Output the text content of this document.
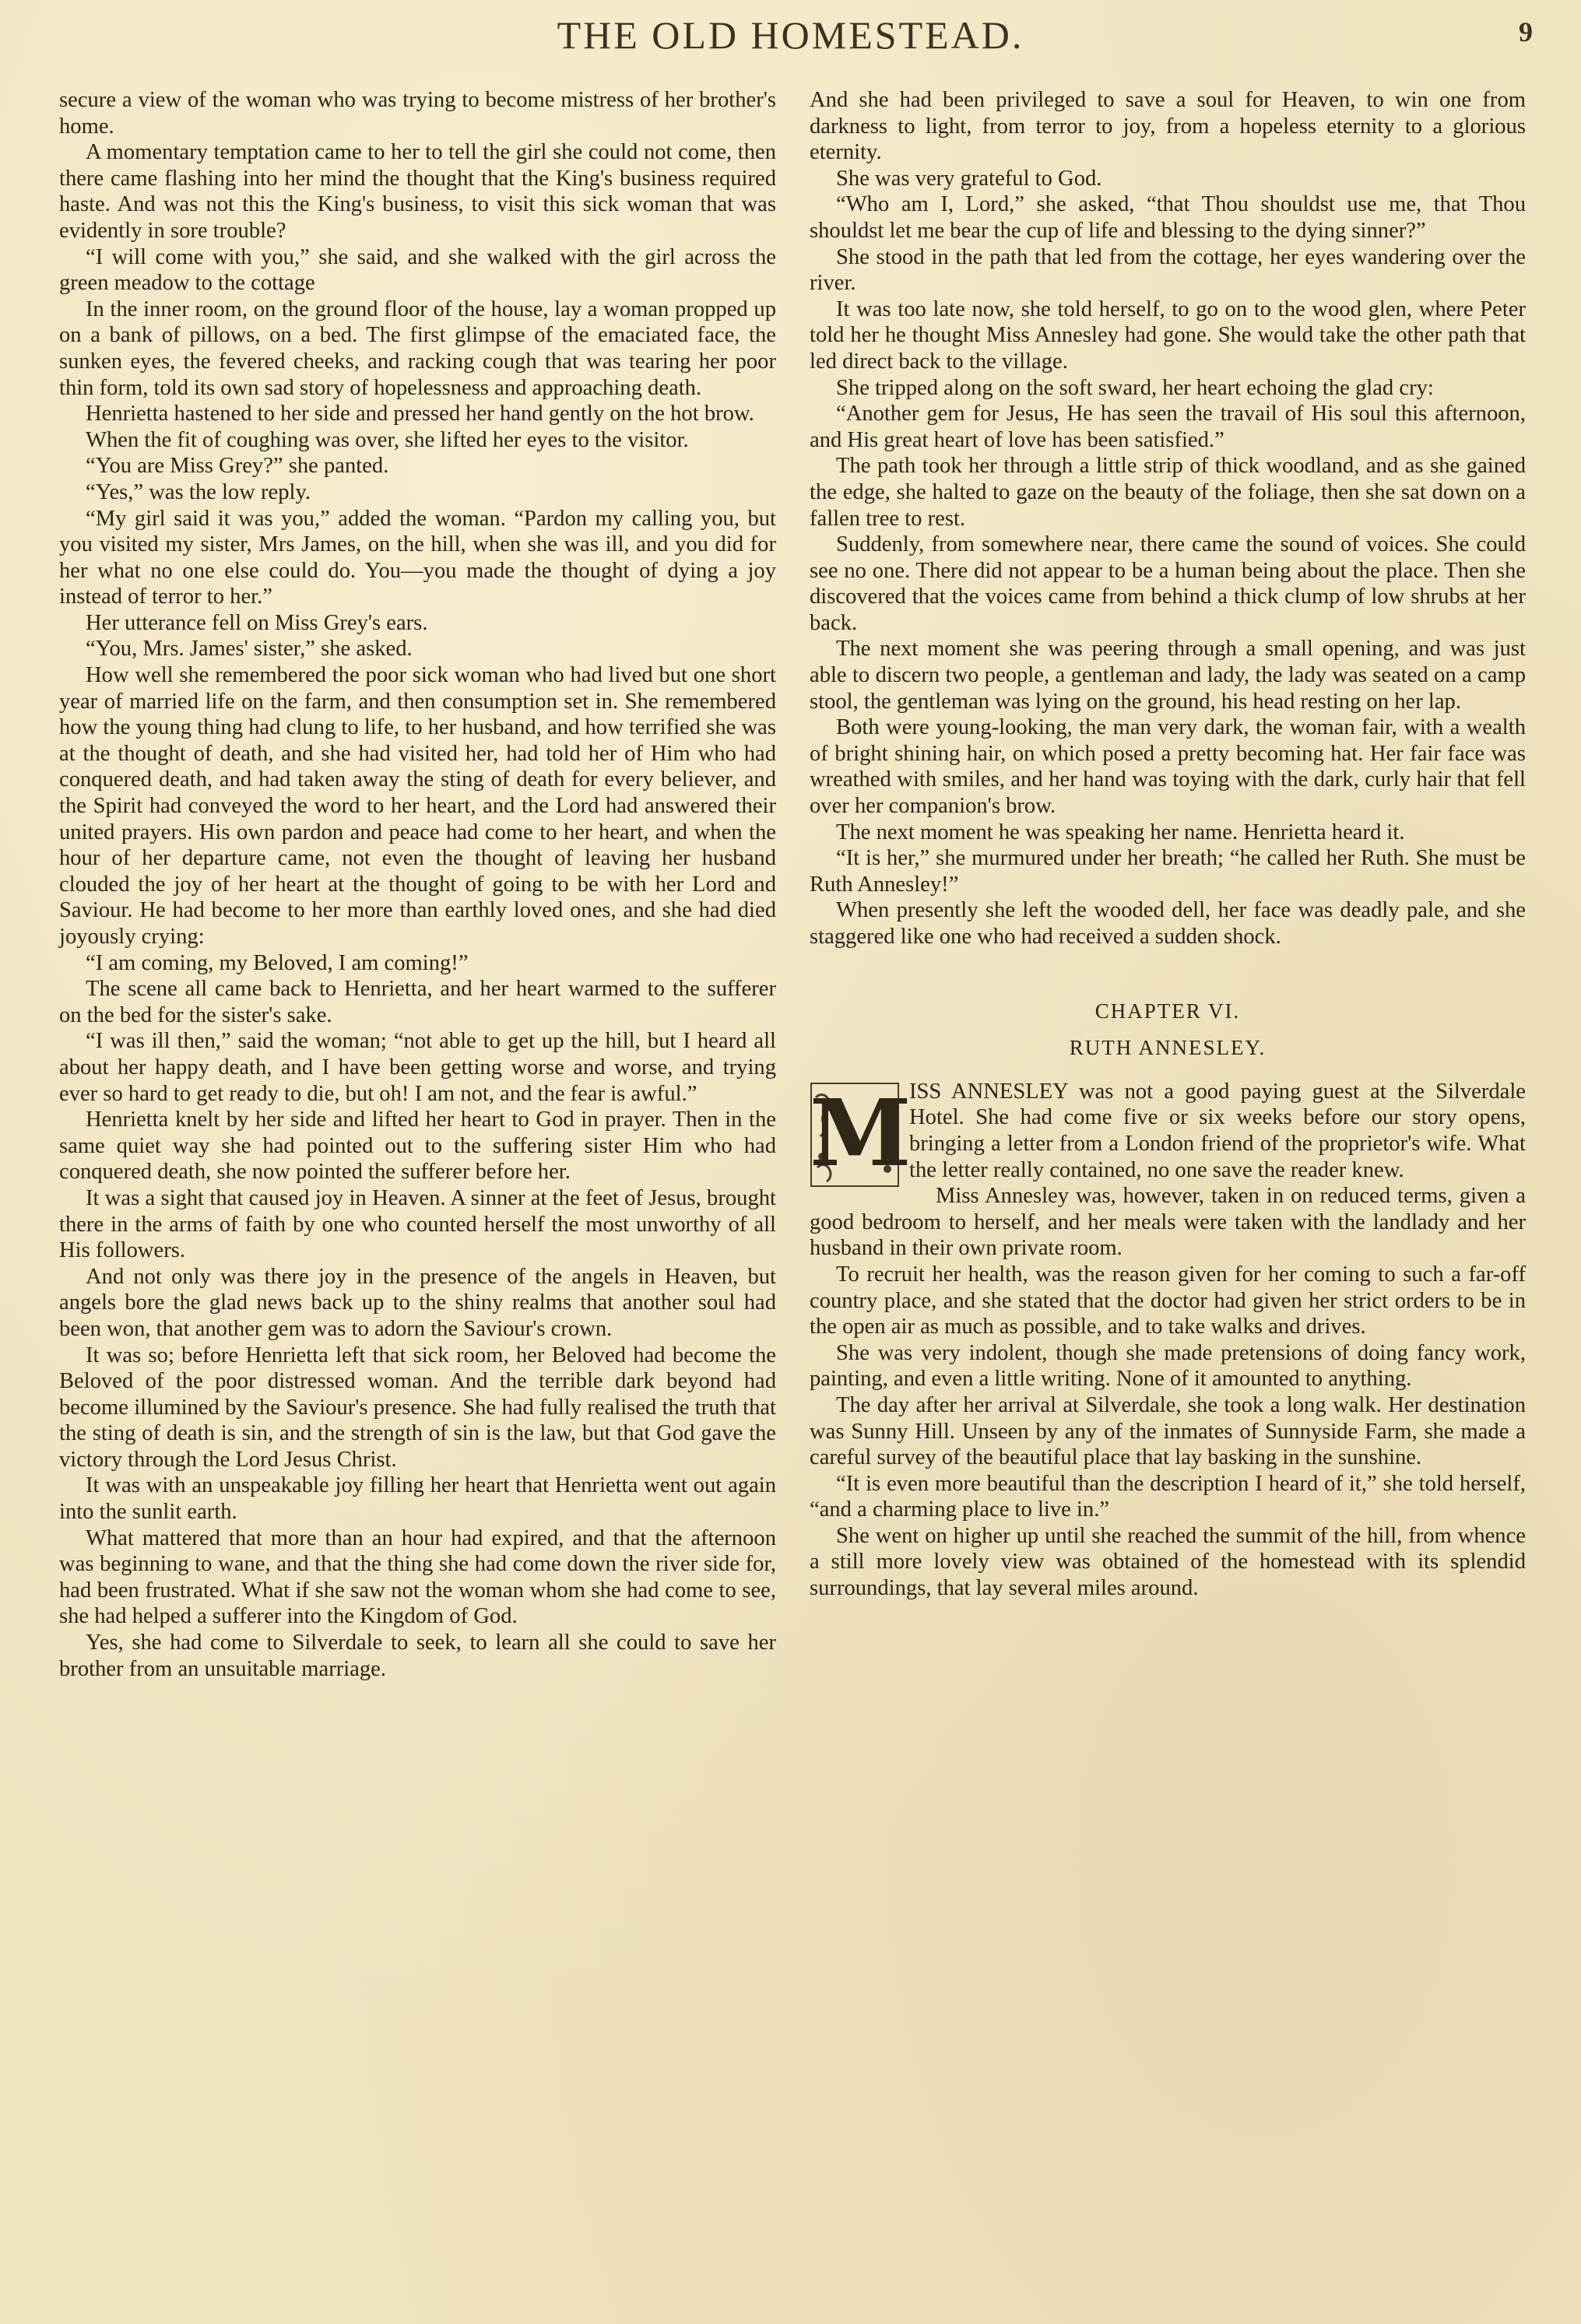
THE OLD HOMESTEAD.	9

secure a view of the woman who was trying to become mistress of her brother's home.

A momentary temptation came to her to tell the girl she could not come, then there came flashing into her mind the thought that the King's business required haste. And was not this the King's business, to visit this sick woman that was evidently in sore trouble?

“I will come with you,” she said, and she walked with the girl across the green meadow to the cottage

In the inner room, on the ground floor of the house, lay a woman propped up on a bank of pillows, on a bed. The first glimpse of the emaciated face, the sunken eyes, the fevered cheeks, and racking cough that was tearing her poor thin form, told its own sad story of hopelessness and approaching death.

Henrietta hastened to her side and pressed her hand gently on the hot brow.

When the fit of coughing was over, she lifted her eyes to the visitor.

“You are Miss Grey?” she panted.

“Yes,” was the low reply.

“My girl said it was you,” added the woman. “Pardon my calling you, but you visited my sister, Mrs James, on the hill, when she was ill, and you did for her what no one else could do. You—you made the thought of dying a joy instead of terror to her.”

Her utterance fell on Miss Grey's ears.

“You, Mrs. James' sister,” she asked.

How well she remembered the poor sick woman who had lived but one short year of married life on the farm, and then consumption set in. She remembered how the young thing had clung to life, to her husband, and how terrified she was at the thought of death, and she had visited her, had told her of Him who had conquered death, and had taken away the sting of death for every believer, and the Spirit had conveyed the word to her heart, and the Lord had answered their united prayers. His own pardon and peace had come to her heart, and when the hour of her departure came, not even the thought of leaving her husband clouded the joy of her heart at the thought of going to be with her Lord and Saviour. He had become to her more than earthly loved ones, and she had died joyously crying:

“I am coming, my Beloved, I am coming!”

The scene all came back to Henrietta, and her heart warmed to the sufferer on the bed for the sister's sake.

“I was ill then,” said the woman; “not able to get up the hill, but I heard all about her happy death, and I have been getting worse and worse, and trying ever so hard to get ready to die, but oh! I am not, and the fear is awful.”

Henrietta knelt by her side and lifted her heart to God in prayer. Then in the same quiet way she had pointed out to the suffering sister Him who had conquered death, she now pointed the sufferer before her.

It was a sight that caused joy in Heaven. A sinner at the feet of Jesus, brought there in the arms of faith by one who counted herself the most unworthy of all His followers.

And not only was there joy in the presence of the angels in Heaven, but angels bore the glad news back up to the shiny realms that another soul had been won, that another gem was to adorn the Saviour's crown.

It was so; before Henrietta left that sick room, her Beloved had become the Beloved of the poor distressed woman. And the terrible dark beyond had become illumined by the Saviour's presence. She had fully realised the truth that the sting of death is sin, and the strength of sin is the law, but that God gave the victory through the Lord Jesus Christ.

It was with an unspeakable joy filling her heart that Henrietta went out again into the sunlit earth.

What mattered that more than an hour had expired, and that the afternoon was beginning to wane, and that the thing she had come down the river side for, had been frustrated. What if she saw not the woman whom she had come to see, she had helped a sufferer into the Kingdom of God.

Yes, she had come to Silverdale to seek, to learn all she could to save her brother from an unsuitable marriage.

And she had been privileged to save a soul for Heaven, to win one from darkness to light, from terror to joy, from a hopeless eternity to a glorious eternity.

She was very grateful to God.

“Who am I, Lord,” she asked, “that Thou shouldst use me, that Thou shouldst let me bear the cup of life and blessing to the dying sinner?”

She stood in the path that led from the cottage, her eyes wandering over the river.

It was too late now, she told herself, to go on to the wood glen, where Peter told her he thought Miss Annesley had gone. She would take the other path that led direct back to the village.

She tripped along on the soft sward, her heart echoing the glad cry:

“Another gem for Jesus, He has seen the travail of His soul this afternoon, and His great heart of love has been satisfied.”

The path took her through a little strip of thick woodland, and as she gained the edge, she halted to gaze on the beauty of the foliage, then she sat down on a fallen tree to rest.

Suddenly, from somewhere near, there came the sound of voices. She could see no one. There did not appear to be a human being about the place. Then she discovered that the voices came from behind a thick clump of low shrubs at her back.

The next moment she was peering through a small opening, and was just able to discern two people, a gentleman and lady, the lady was seated on a camp stool, the gentleman was lying on the ground, his head resting on her lap.

Both were young-looking, the man very dark, the woman fair, with a wealth of bright shining hair, on which posed a pretty becoming hat. Her fair face was wreathed with smiles, and her hand was toying with the dark, curly hair that fell over her companion's brow.

The next moment he was speaking her name. Henrietta heard it.

“It is her,” she murmured under her breath; “he called her Ruth. She must be Ruth Annesley!”

When presently she left the wooded dell, her face was deadly pale, and she staggered like one who had received a sudden shock.

CHAPTER VI.
RUTH ANNESLEY.

M
ISS ANNESLEY was not a good paying guest at the Silverdale Hotel. She had come five or six weeks before our story opens, bringing a letter from a London friend of the proprietor's wife. What the letter really contained, no one save the reader knew.

Miss Annesley was, however, taken in on reduced terms, given a good bedroom to herself, and her meals were taken with the landlady and her husband in their own private room.

To recruit her health, was the reason given for her coming to such a far-off country place, and she stated that the doctor had given her strict orders to be in the open air as much as possible, and to take walks and drives.

She was very indolent, though she made pretensions of doing fancy work, painting, and even a little writing. None of it amounted to anything.

The day after her arrival at Silverdale, she took a long walk. Her destination was Sunny Hill. Unseen by any of the inmates of Sunnyside Farm, she made a careful survey of the beautiful place that lay basking in the sunshine.

“It is even more beautiful than the description I heard of it,” she told herself, “and a charming place to live in.”

She went on higher up until she reached the summit of the hill, from whence a still more lovely view was obtained of the homestead with its splendid surroundings, that lay several miles around.
